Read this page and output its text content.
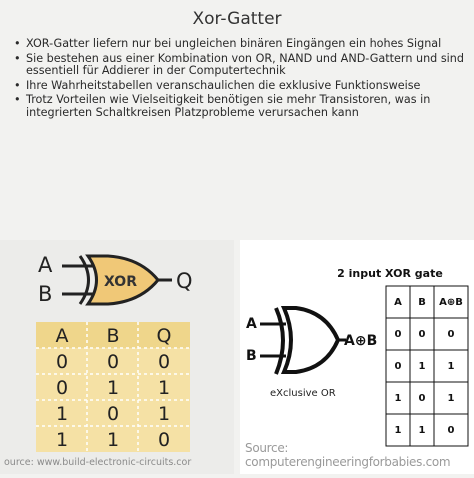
Xor-Gatter
• XOR-Gatter liefern nur bei ungleichen binären Eingängen ein hohes Signal
• Sie bestehen aus einer Kombination von OR, NAND und AND-Gattern und sind essentiell für Addierer in der Computertechnik
• Ihre Wahrheitstabellen veranschaulichen die exklusive Funktionsweise
• Trotz Vorteilen wie Vielseitigkeit benötigen sie mehr Transistoren, was in integrierten Schaltkreisen Platzprobleme verursachen kann
A
B	XOR Q
A B Q
0 0 0
0 1 1
1 0 1
1 1 0
A
B
A⊕B
eXclusive OR
2 input XOR gate
A B A⊕B
0 0 0
0 1 1
1 0 1
1 1 0
ource: www.build-electronic-circuits.cor
Source: computerengineeringforbabies.com
